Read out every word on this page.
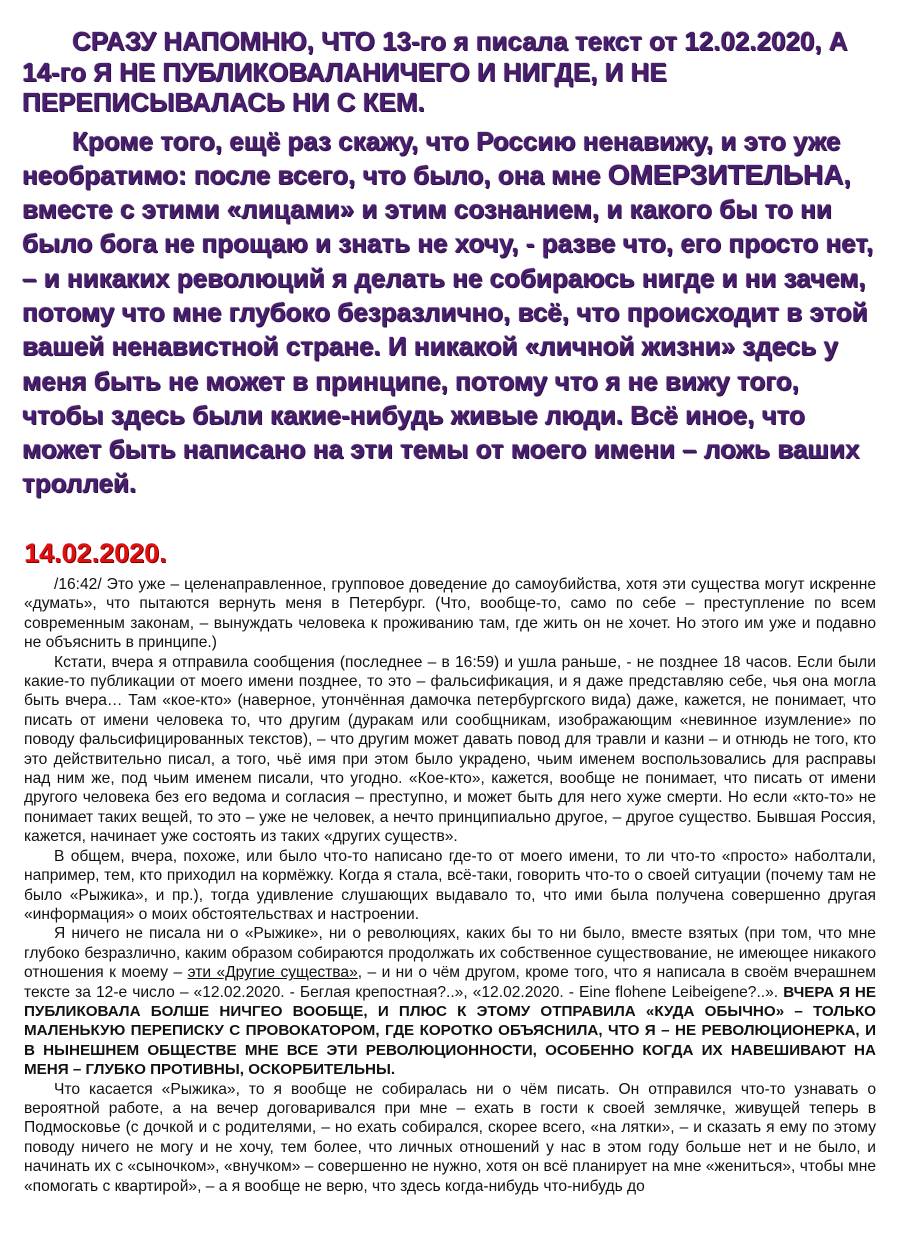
СРАЗУ НАПОМНЮ, ЧТО 13-го я писала текст от 12.02.2020, А 14-го Я НЕ ПУБЛИКОВАЛАНИЧЕГО И НИГДЕ, И НЕ ПЕРЕПИСЫВАЛАСЬ НИ С КЕМ.

Кроме того, ещё раз скажу, что Россию ненавижу, и это уже необратимо: после всего, что было, она мне ОМЕРЗИТЕЛЬНА, вместе с этими «лицами» и этим сознанием, и какого бы то ни было бога не прощаю и знать не хочу, - разве что, его просто нет, – и никаких революций я делать не собираюсь нигде и ни зачем, потому что мне глубоко безразлично, всё, что происходит в этой вашей ненавистной стране. И никакой «личной жизни» здесь у меня быть не может в принципе, потому что я не вижу того, чтобы здесь были какие-нибудь живые люди. Всё иное, что может быть написано на эти темы от моего имени – ложь ваших троллей.

14.02.2020.

/16:42/ Это уже – целенаправленное, групповое доведение до самоубийства, хотя эти существа могут искренне «думать», что пытаются вернуть меня в Петербург. (Что, вообще-то, само по себе – преступление по всем современным законам, – вынуждать человека к проживанию там, где жить он не хочет. Но этого им уже и подавно не объяснить в принципе.)

Кстати, вчера я отправила сообщения (последнее – в 16:59) и ушла раньше, - не позднее 18 часов. Если были какие-то публикации от моего имени позднее, то это – фальсификация, и я даже представляю себе, чья она могла быть вчера… Там «кое-кто» (наверное, утончённая дамочка петербургского вида) даже, кажется, не понимает, что писать от имени человека то, что другим (дуракам или сообщникам, изображающим «невинное изумление» по поводу фальсифицированных текстов), – что другим может давать повод для травли и казни – и отнюдь не того, кто это действительно писал, а того, чьё имя при этом было украдено, чьим именем воспользовались для расправы над ним же, под чьим именем писали, что угодно. «Кое-кто», кажется, вообще не понимает, что писать от имени другого человека без его ведома и согласия – преступно, и может быть для него хуже смерти. Но если «кто-то» не понимает таких вещей, то это – уже не человек, а нечто принципиально другое, – другое существо. Бывшая Россия, кажется, начинает уже состоять из таких «других существ».

В общем, вчера, похоже, или было что-то написано где-то от моего имени, то ли что-то «просто» наболтали, например, тем, кто приходил на кормёжку. Когда я стала, всё-таки, говорить что-то о своей ситуации (почему там не было «Рыжика», и пр.), тогда удивление слушающих выдавало то, что ими была получена совершенно другая «информация» о моих обстоятельствах и настроении.

Я ничего не писала ни о «Рыжике», ни о революциях, каких бы то ни было, вместе взятых (при том, что мне глубоко безразлично, каким образом собираются продолжать их собственное существование, не имеющее никакого отношения к моему – эти «Другие существа», – и ни о чём другом, кроме того, что я написала в своём вчерашнем тексте за 12-е число – «12.02.2020. - Беглая крепостная?..», «12.02.2020. - Eine flohene Leibeigene?..». ВЧЕРА Я НЕ ПУБЛИКОВАЛА БОЛШЕ НИЧГЕО ВООБЩЕ, И ПЛЮС К ЭТОМУ ОТПРАВИЛА «КУДА ОБЫЧНО» – ТОЛЬКО МАЛЕНЬКУЮ ПЕРЕПИСКУ С ПРОВОКАТОРОМ, ГДЕ КОРОТКО ОБЪЯСНИЛА, ЧТО Я – НЕ РЕВОЛЮЦИОНЕРКА, И В НЫНЕШНЕМ ОБЩЕСТВЕ МНЕ ВСЕ ЭТИ РЕВОЛЮЦИОННОСТИ, ОСОБЕННО КОГДА ИХ НАВЕШИВАЮТ НА МЕНЯ – ГЛУБКО ПРОТИВНЫ, ОСКОРБИТЕЛЬНЫ.

Что касается «Рыжика», то я вообще не собиралась ни о чём писать. Он отправился что-то узнавать о вероятной работе, а на вечер договаривался при мне – ехать в гости к своей землячке, живущей теперь в Подмосковье (с дочкой и с родителями, – но ехать собирался, скорее всего, «на лятки», – и сказать я ему по этому поводу ничего не могу и не хочу, тем более, что личных отношений у нас в этом году больше нет и не было, и начинать их с «сыночком», «внучком» – совершенно не нужно, хотя он всё планирует на мне «жениться», чтобы мне «помогать с квартирой», – а я вообще не верю, что здесь когда-нибудь что-нибудь до
